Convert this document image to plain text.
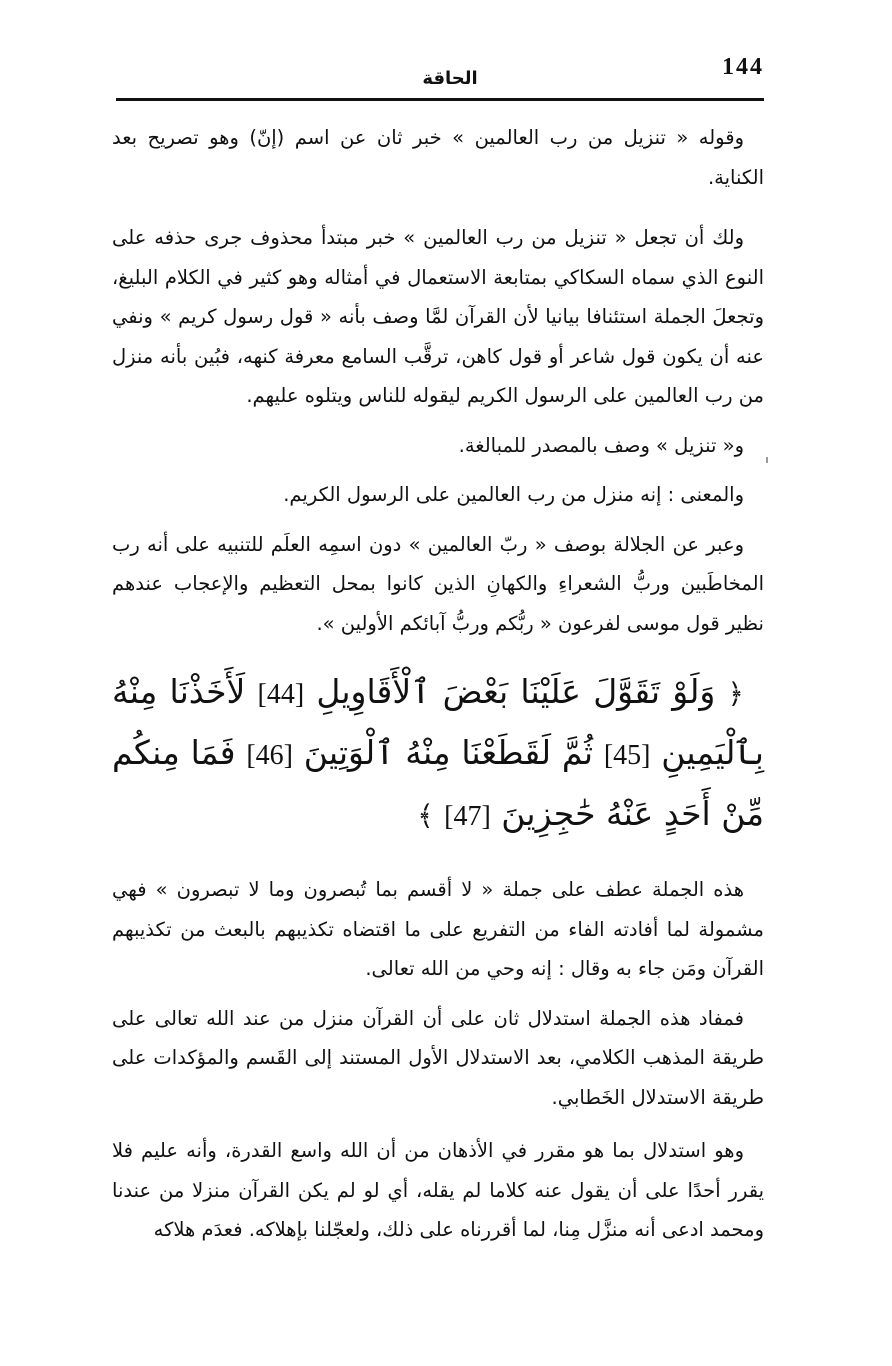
144
الحاقة

وقوله « تنزيل من رب العالمين » خبر ثان عن اسم (إنّ) وهو تصريح بعد الكناية.

ولك أن تجعل « تنزيل من رب العالمين » خبر مبتدأ محذوف جرى حذفه على النوع الذي سماه السكاكي بمتابعة الاستعمال في أمثاله وهو كثير في الكلام البليغ، وتجعلَ الجملة استئنافا بيانيا لأن القرآن لمَّا وصف بأنه « قول رسول كريم » ونفي عنه أن يكون قول شاعر أو قول كاهن، ترقَّب السامع معرفة كنهه، فبُين بأنه منزل من رب العالمين على الرسول الكريم ليقوله للناس ويتلوه عليهم.

و« تنزيل » وصف بالمصدر للمبالغة.

والمعنى : إنه منزل من رب العالمين على الرسول الكريم.

وعبر عن الجلالة بوصف « ربّ العالمين » دون اسمِه العلَم للتنبيه على أنه رب المخاطَبين وربُّ الشعراءِ والكهانِ الذين كانوا بمحل التعظيم والإعجاب عندهم نظير قول موسى لفرعون « ربُّكم وربُّ آبائكم الأولين ».

﴿ وَلَوْ تَقَوَّلَ عَلَيْنَا بَعْضَ ٱلْأَقَاوِيلِ [44] لَأَخَذْنَا مِنْهُ بِٱلْيَمِينِ [45] ثُمَّ لَقَطَعْنَا مِنْهُ ٱلْوَتِينَ [46] فَمَا مِنكُم مِّنْ أَحَدٍ عَنْهُ حَٰجِزِينَ [47] ﴾

هذه الجملة عطف على جملة « لا أقسم بما تُبصرون وما لا تبصرون » فهي مشمولة لما أفادته الفاء من التفريع على ما اقتضاه تكذيبهم بالبعث من تكذيبهم القرآن ومَن جاء به وقال : إنه وحي من الله تعالى.

فمفاد هذه الجملة استدلال ثان على أن القرآن منزل من عند الله تعالى على طريقة المذهب الكلامي، بعد الاستدلال الأول المستند إلى القَسم والمؤكدات على طريقة الاستدلال الخَطابي.

وهو استدلال بما هو مقرر في الأذهان من أن الله واسع القدرة، وأنه عليم فلا يقرر أحدًا على أن يقول عنه كلاما لم يقله، أي لو لم يكن القرآن منزلا من عندنا ومحمد ادعى أنه منزَّل مِنا، لما أقررناه على ذلك، ولعجّلنا بإهلاكه. فعدَم هلاكه
